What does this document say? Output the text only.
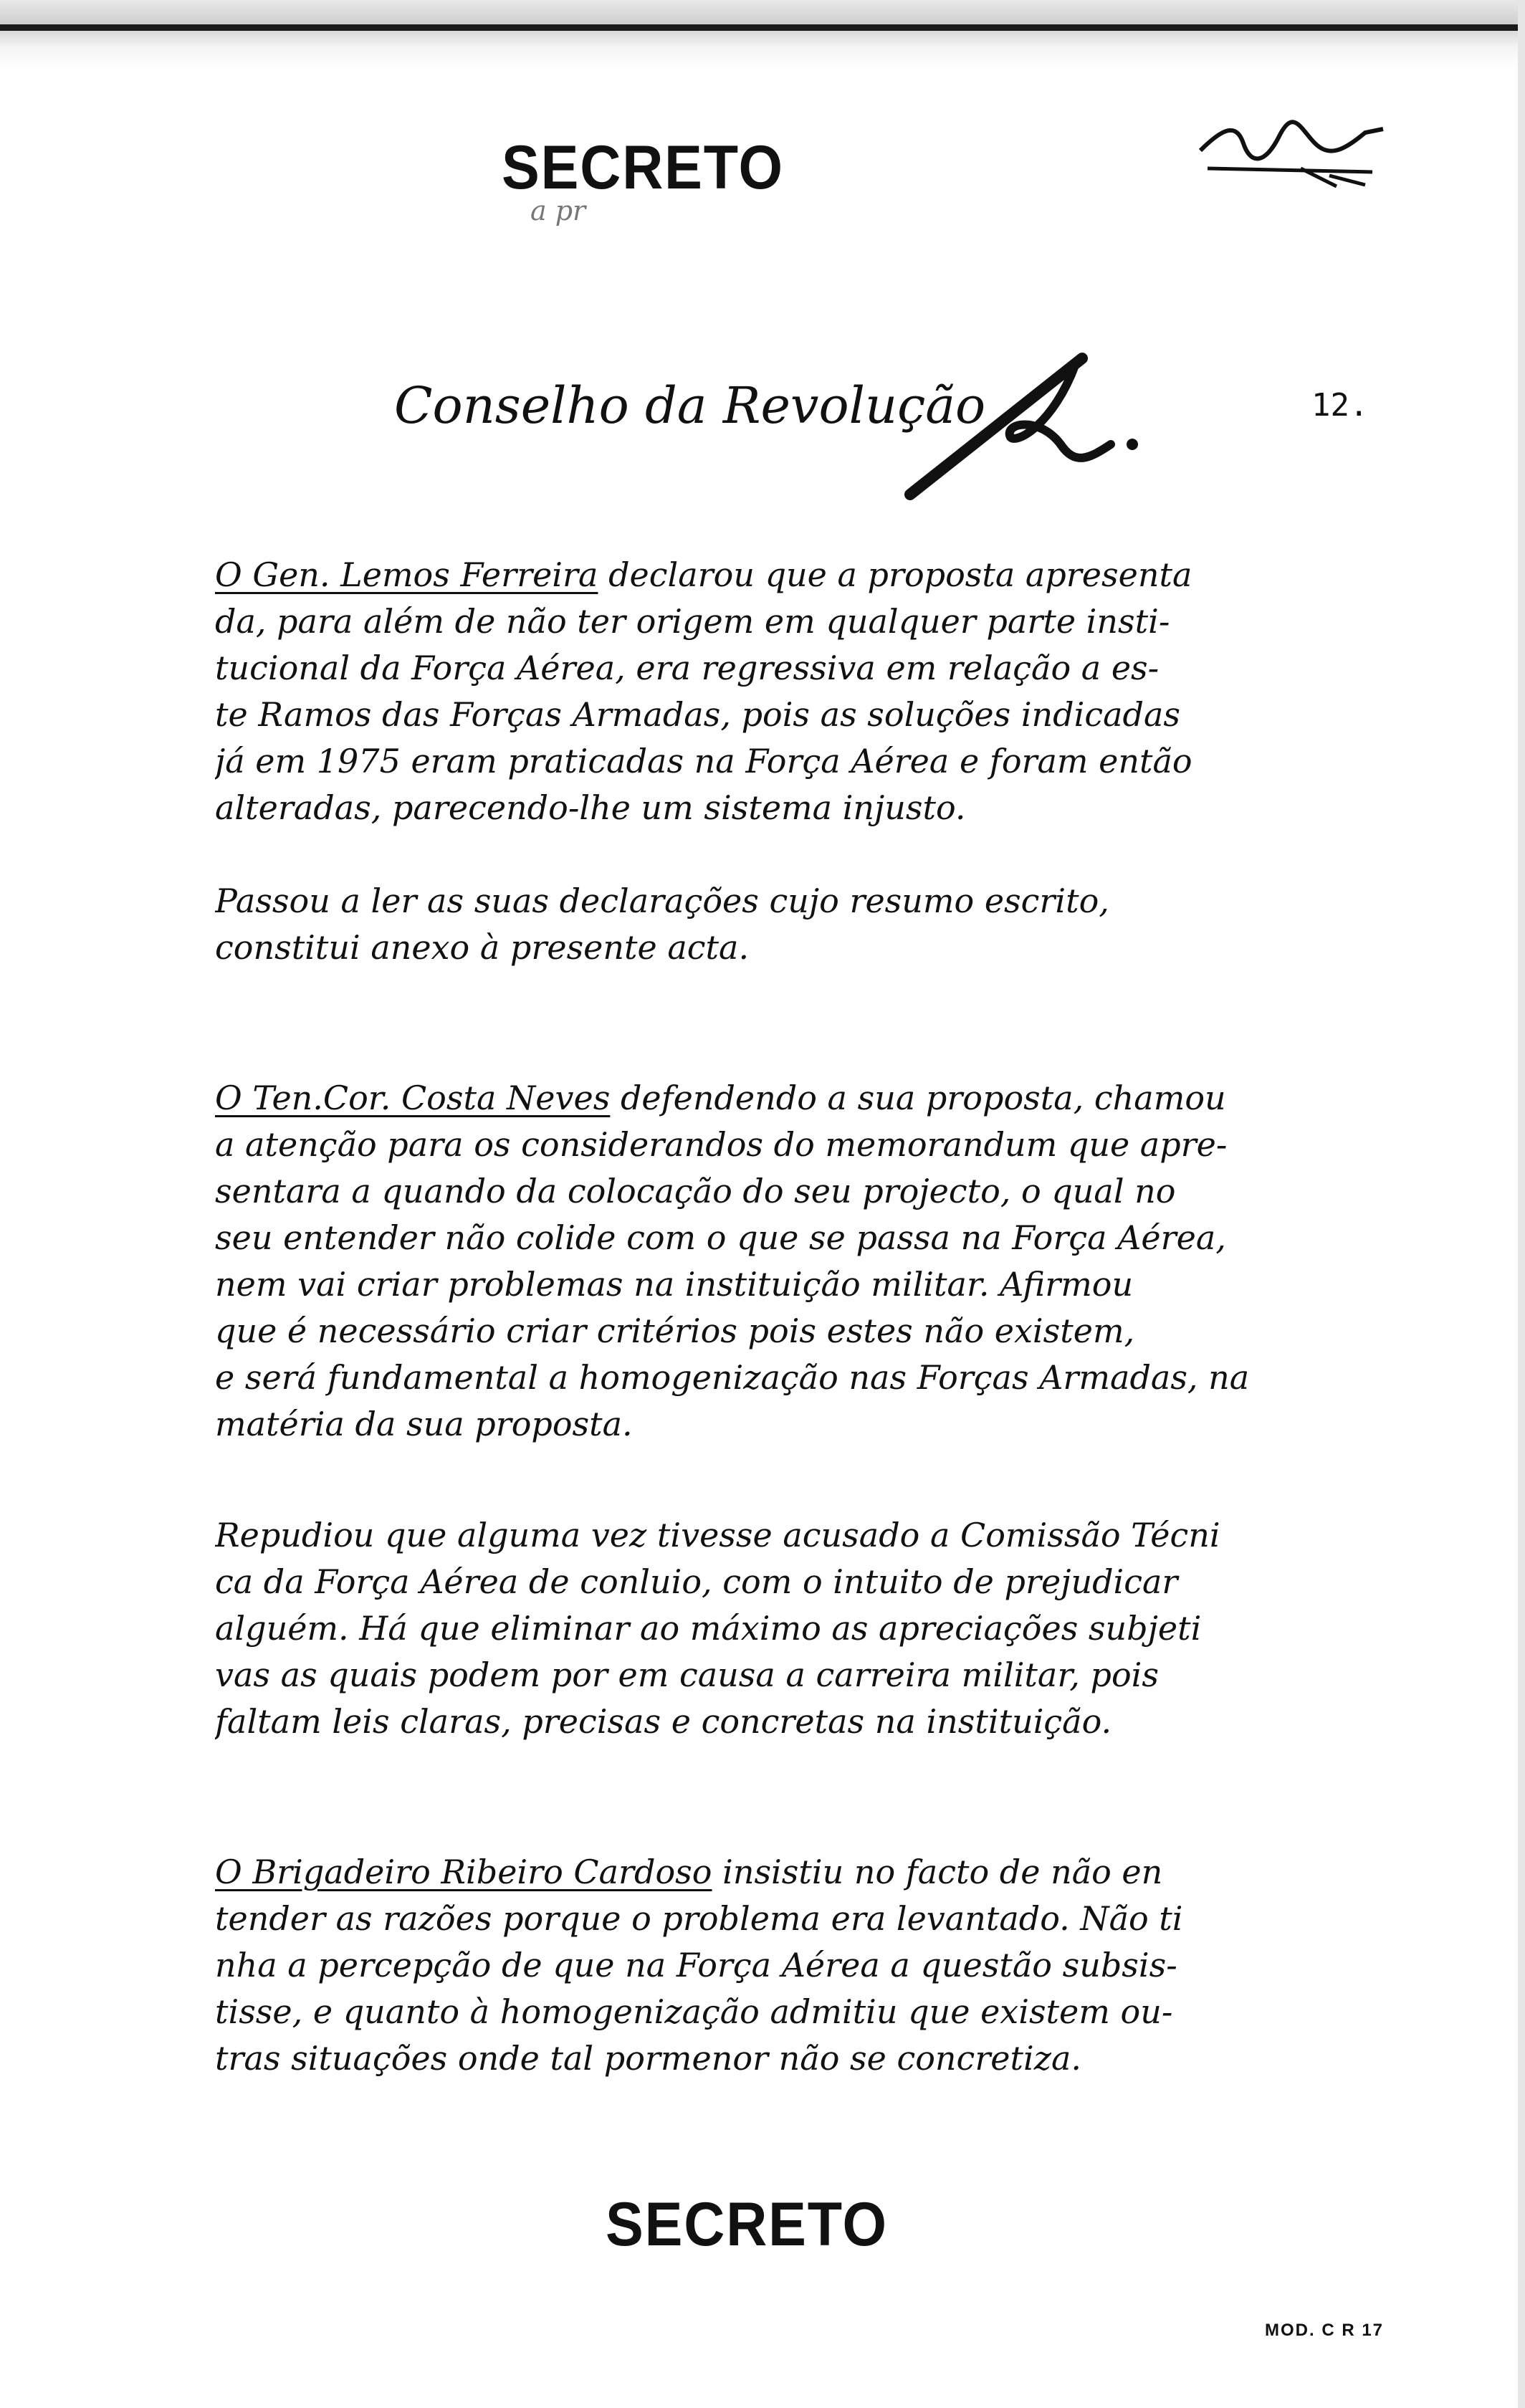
SECRETO
a pr
Conselho da Revolução	12.
O Gen. Lemos Ferreira declarou que a proposta apresenta
da, para além de não ter origem em qualquer parte insti-
tucional da Força Aérea, era regressiva em relação a es-
te Ramos das Forças Armadas, pois as soluções indicadas
já em 1975 eram praticadas na Força Aérea e foram então
alteradas, parecendo-lhe um sistema injusto.
Passou a ler as suas declarações cujo resumo escrito,
constitui anexo à presente acta.
O Ten.Cor. Costa Neves defendendo a sua proposta, chamou
a atenção para os considerandos do memorandum que apre-
sentara a quando da colocação do seu projecto, o qual no
seu entender não colide com o que se passa na Força Aérea,
nem vai criar problemas na instituição militar. Afirmou
que é necessário criar critérios pois estes não existem,
e será fundamental a homogenização nas Forças Armadas, na
matéria da sua proposta.
Repudiou que alguma vez tivesse acusado a Comissão Técni
ca da Força Aérea de conluio, com o intuito de prejudicar
alguém. Há que eliminar ao máximo as apreciações subjeti
vas as quais podem por em causa a carreira militar, pois
faltam leis claras, precisas e concretas na instituição.
O Brigadeiro Ribeiro Cardoso insistiu no facto de não en
tender as razões porque o problema era levantado. Não ti
nha a percepção de que na Força Aérea a questão subsis-
tisse, e quanto à homogenização admitiu que existem ou-
tras situações onde tal pormenor não se concretiza.
SECRETO
MOD. C R 17
